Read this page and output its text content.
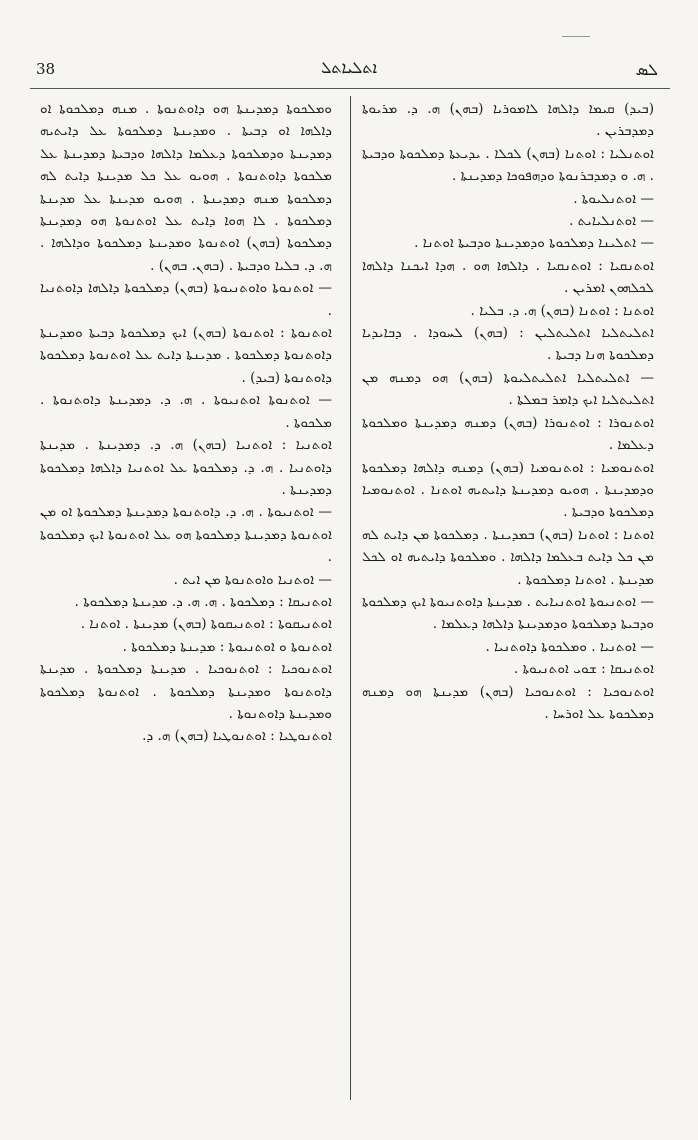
38	ܐܬܠܝܐܬܠ	ܠܣ

(ܒܝܕ) ܩܝܡܐ ܕܐܠܗܐ ܠܐܡܘܪܝܐ (ܒܗܢ) ܗ. ܕ. ܡܪܝܘܬܐ ܕܡܕܒܪܝܢ .

ܐܘܬܢܠܝܐ : ܐܘܬܢܐ (ܒܗܢ) ܠܟܠܐ . ܝܕܝܥܬܐ ܕܡܠܟܘܬܐ ܘܕܒܝܬܐ . ܗ. ܘ ܕܡܕܒܪܢܘܬܐ ܘܕܗܦܘܟܐ ܕܡܕܝܢܬܐ .

— ܐܘܬܢܠܝܘܬܐ .

— ܐܘܬܢܠܝܐܝܬ .

— ܐܬܠܝܢܐ ܕܡܠܟܘܬܐ ܘܕܡܕܝܢܬܐ ܘܕܒܝܬܐ ܐܘܬܢܐ .

ܐܘܬܢܩܝܐ : ܐܘܬܢܩܝܐ . ܕܐܠܗܐ ܗܘ . ܗܕܐ ܐܝܟܢܐ ܕܐܠܗܐ ܠܟܠܗܘܢ ܐܡܪܝܢ .

ܐܘܬܢܐ : ܐܘܬܢܐ (ܒܗܢ) ܗ. ܕ. ܒܠܝܐ .

ܐܬܠܝܬܠܝܐ ܐܬܠܝܬܠܝܢ : (ܒܗܢ) ܠܚܘܕܐ . ܕܒܐܝܕܝܐ ܕܡܠܟܘܬܐ ܗܢܐ ܕܒܝܬܐ .

— ܐܬܠܝܬܠܝܐ ܐܬܠܝܬܠܝܘܬܐ (ܒܗܢ) ܗܘ ܕܡܢܗ ܡܢ ܐܬܠܝܬܠܝܐ ܐܝܟ ܕܐܡܪ ܒܡܠܬܐ .

ܐܘܬܢܘܪܐ : ܐܘܬܢܘܪܐ (ܒܗܢ) ܕܡܢܗ ܕܡܕܝܢܬܐ ܘܡܠܟܘܬܐ ܕܥܠܡܐ .

ܐܘܬܢܘܡܝܐ : ܐܘܬܢܘܡܝܐ (ܒܗܢ) ܕܡܢܗ ܕܐܠܗܐ ܕܡܠܟܘܬܐ ܘܕܡܕܝܢܬܐ . ܗܘܝܘ ܕܡܕܝܢܬܐ ܕܐܝܬܝܗ ܐܘܬܢܐ . ܐܘܬܢܘܡܝܐ ܕܡܠܟܘܬܐ ܘܕܒܝܬܐ .

ܐܘܬܢܐ : ܐܘܬܢܐ (ܒܗܢ) ܒܡܕܝܢܬܐ . ܕܡܠܟܘܬܐ ܡܢ ܕܐܝܬ ܠܗ ܡܢ ܟܠ ܕܐܝܬ ܒܥܠܡܐ ܕܐܠܗܐ . ܘܡܠܟܘܬܐ ܕܐܝܬܝܗ ܐܘ ܠܟܠ ܡܕܝܢܬܐ . ܐܘܬܢܐ ܕܡܠܟܘܬܐ .

— ܐܘܬܢܝܘܬܐ ܐܘܬܢܝܐܝܬ . ܡܕܝܢܬܐ ܕܐܘܬܢܝܘܬܐ ܐܝܟ ܕܡܠܟܘܬܐ ܘܕܒܝܬܐ ܕܡܠܟܘܬܐ ܘܕܡܕܝܢܬܐ ܕܐܠܗܐ ܕܥܠܡܐ .

— ܐܘܬܢܝܐ . ܘܡܠܟܘܬܐ ܕܐܘܬܢܝܐ .

ܐܘܬܢܝܩܐ : ܫܘܝ ܐܘܬܢܝܘܬܐ .

ܐܘܬܢܘܟܝܐ : ܐܘܬܢܘܟܝܐ (ܒܗܢ) ܡܕܝܢܬܐ ܗܘ ܕܡܢܗ ܕܡܠܟܘܬܐ ܥܠ ܐܘܪܚܐ .

ܘܡܠܟܘܬܐ ܕܡܕܝܢܬܐ ܗܘ ܕܐܘܬܢܘܬܐ . ܡܢܗ ܕܡܠܟܘܬܐ ܐܘ ܕܐܠܗܐ ܐܘ ܕܒܝܬܐ . ܘܡܕܝܢܬܐ ܕܡܠܟܘܬܐ ܥܠ ܕܐܝܬܝܗ ܕܡܕܝܢܬܐ ܘܕܡܠܟܘܬܐ ܕܥܠܡܐ ܕܐܠܗܐ ܘܕܒܝܬܐ ܕܡܕܝܢܬܐ ܥܠ ܡܠܟܘܬܐ ܕܐܘܬܢܘܬܐ . ܗܘܝܘ ܥܠ ܟܠ ܡܕܝܢܬܐ ܕܐܝܬ ܠܗ ܕܡܠܟܘܬܐ ܡܢܗ ܕܡܕܝܢܬܐ . ܗܘܝܘ ܡܕܝܢܬܐ ܥܠ ܡܕܝܢܬܐ ܕܡܠܟܘܬܐ . ܠܐ ܗܘܐ ܕܐܝܬ ܥܠ ܐܘܬܢܘܬܐ ܗܘ ܕܡܕܝܢܬܐ ܕܡܠܟܘܬܐ (ܒܗܢ) ܐܘܬܢܘܬܐ ܘܡܕܝܢܬܐ ܕܡܠܟܘܬܐ ܘܕܐܠܗܐ . ܗ. ܕ. ܒܠܝܐ ܘܕܒܝܬܐ . (ܒܗܢ. ܒܗܢ) .

— ܐܘܬܢܘܬܐ ܘܐܘܬܢܝܘܬܐ (ܒܗܢ) ܕܡܠܟܘܬܐ ܕܐܠܗܐ ܕܐܘܬܢܝܐ .

ܐܘܬܢܘܬܐ : ܐܘܬܢܘܬܐ (ܒܗܢ) ܐܝܟ ܕܡܠܟܘܬܐ ܕܒܝܬܐ ܘܡܕܝܢܬܐ ܕܐܘܬܢܘܬܐ ܕܡܠܟܘܬܐ . ܡܕܝܢܬܐ ܕܐܝܬ ܥܠ ܐܘܬܢܘܬܐ ܕܡܠܟܘܬܐ ܕܐܘܬܢܘܬܐ (ܒܝܕ) .

— ܐܘܬܢܘܬܐ ܐܘܬܢܝܘܬܐ . ܗ. ܕ. ܕܡܕܝܢܬܐ ܕܐܘܬܢܘܬܐ . ܡܠܟܘܬܐ .

ܐܘܬܢܝܐ : ܐܘܬܢܝܐ (ܒܗܢ) ܗ. ܕ. ܕܡܕܝܢܬܐ . ܡܕܝܢܬܐ ܕܐܘܬܢܝܐ . ܗ. ܕ. ܕܡܠܟܘܬܐ ܥܠ ܐܘܬܢܝܐ ܕܐܠܗܐ ܕܡܠܟܘܬܐ ܕܡܕܝܢܬܐ .

— ܐܘܬܢܝܘܬܐ . ܗ. ܕ. ܕܐܘܬܢܘܬܐ ܕܡܕܝܢܬܐ ܕܡܠܟܘܬܐ ܐܘ ܡܢ ܐܘܬܢܘܬܐ ܕܡܕܝܢܬܐ ܕܡܠܟܘܬܐ ܗܘ ܥܠ ܐܘܬܢܘܬܐ ܐܝܟ ܕܡܠܟܘܬܐ .

— ܐܘܬܢܝܐ ܘܐܘܬܢܘܬܐ ܡܢ ܐܝܬ .

ܐܘܬܢܝܩܐ : ܕܡܠܟܘܬܐ . ܗ. ܗ. ܕ. ܡܕܝܢܬܐ ܕܡܠܟܘܬܐ .

ܐܘܬܢܝܩܘܬܐ : ܐܘܬܢܝܩܘܬܐ (ܒܗܢ) ܡܕܝܢܬܐ . ܐܘܬܢܐ .

ܐܘܬܢܘܬܐ ܘ ܐܘܬܢܝܘܬܐ : ܡܕܝܢܬܐ ܕܡܠܟܘܬܐ .

ܐܘܬܢܘܟܝܐ : ܐܘܬܢܘܟܝܐ . ܡܕܝܢܬܐ ܕܡܠܟܘܬܐ . ܡܕܝܢܬܐ ܕܐܘܬܢܘܬܐ ܘܡܕܝܢܬܐ ܕܡܠܟܘܬܐ . ܐܘܬܢܘܬܐ ܕܡܠܟܘܬܐ ܘܡܕܝܢܬܐ ܕܐܘܬܢܘܬܐ .

ܐܘܬܢܘܛܝܐ : ܐܘܬܢܘܛܝܐ (ܒܗܢ) ܗ. ܕ.
